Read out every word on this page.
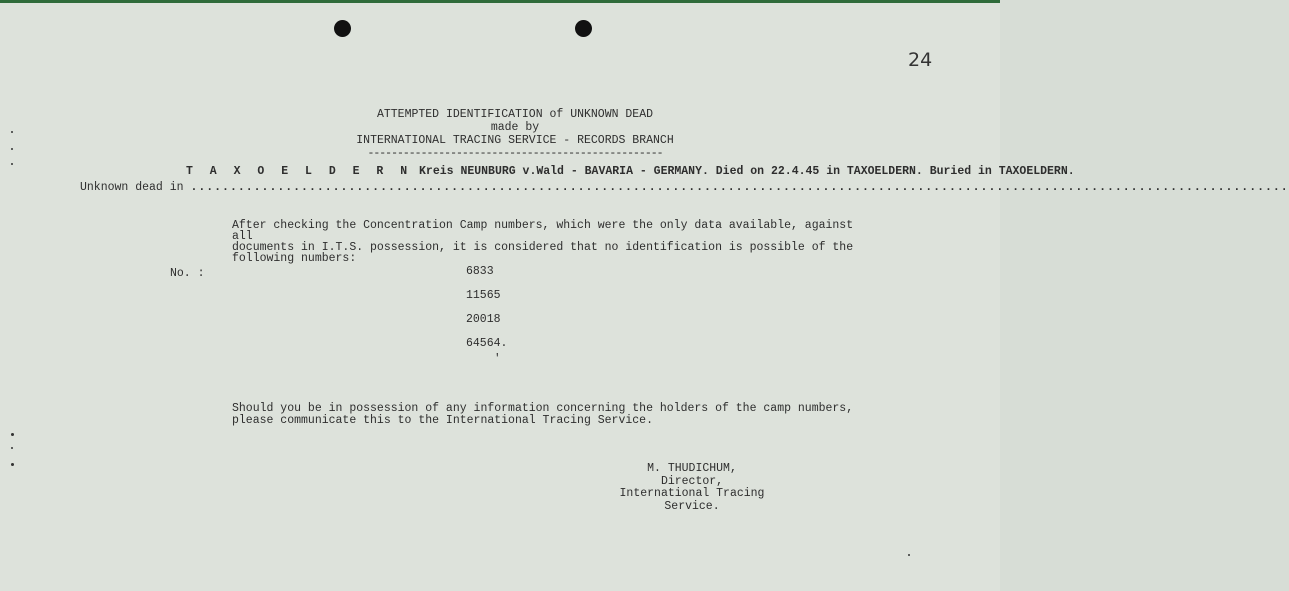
24
ATTEMPTED IDENTIFICATION of UNKNOWN DEAD
made by
INTERNATIONAL TRACING SERVICE - RECORDS BRANCH
--------------------------------------------------
T A X O E L D E R N Kreis NEUNBURG v.Wald - BAVARIA - GERMANY. Died on 22.4.45 in TAXOELDERN. Buried in TAXOELDERN.
Unknown dead in ...........................................................................................................................................
After checking the Concentration Camp numbers, which were the only data available, against all
documents in I.T.S. possession, it is considered that no identification is possible of the
following numbers:
No. :	6833
11565
20018
64564.
'
Should you be in possession of any information concerning the holders of the camp numbers,
please communicate this to the International Tracing Service.
M. THUDICHUM,
Director,
International Tracing Service.
